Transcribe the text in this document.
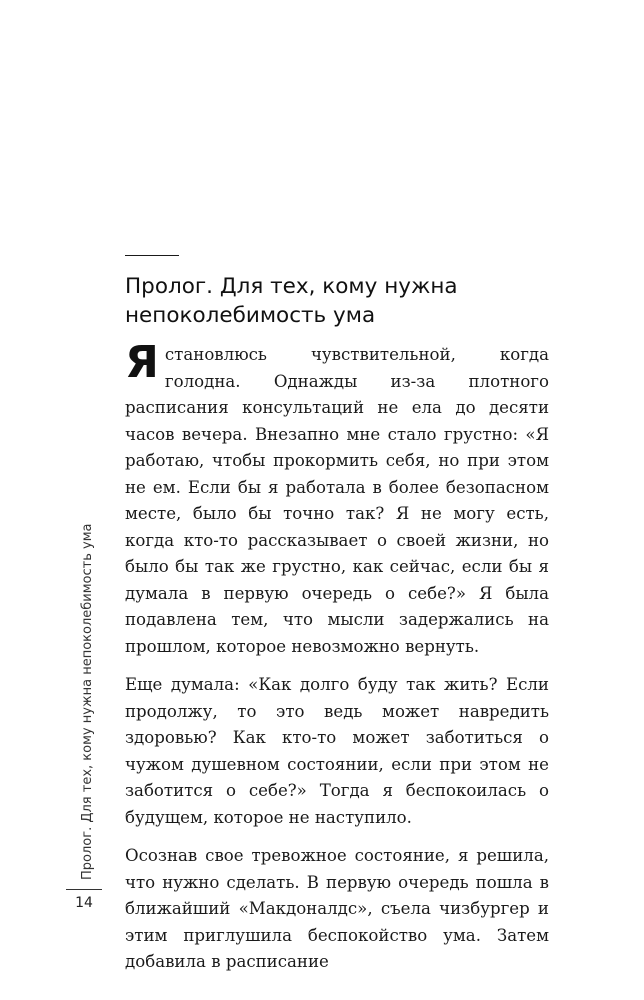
Пролог. Для тех, кому нужна непоколебимость ума

Я становлюсь чувствительной, когда голодна. Однажды из-за плотного расписания консультаций не ела до десяти часов вечера. Внезапно мне стало грустно: «Я работаю, чтобы прокормить себя, но при этом не ем. Если бы я работала в более безопасном месте, было бы точно так? Я не могу есть, когда кто-то рассказывает о своей жизни, но было бы так же грустно, как сейчас, если бы я думала в первую очередь о себе?» Я была подавлена тем, что мысли задержались на прошлом, которое невозможно вернуть.

Еще думала: «Как долго буду так жить? Если продолжу, то это ведь может навредить здоровью? Как кто-то может заботиться о чужом душевном состоянии, если при этом не заботится о себе?» Тогда я беспокоилась о будущем, которое не наступило.

Осознав свое тревожное состояние, я решила, что нужно сделать. В первую очередь пошла в ближайший «Макдоналдс», съела чизбургер и этим приглушила беспокойство ума. Затем добавила в расписание

Пролог. Для тех, кому нужна непоколебимость ума
14
